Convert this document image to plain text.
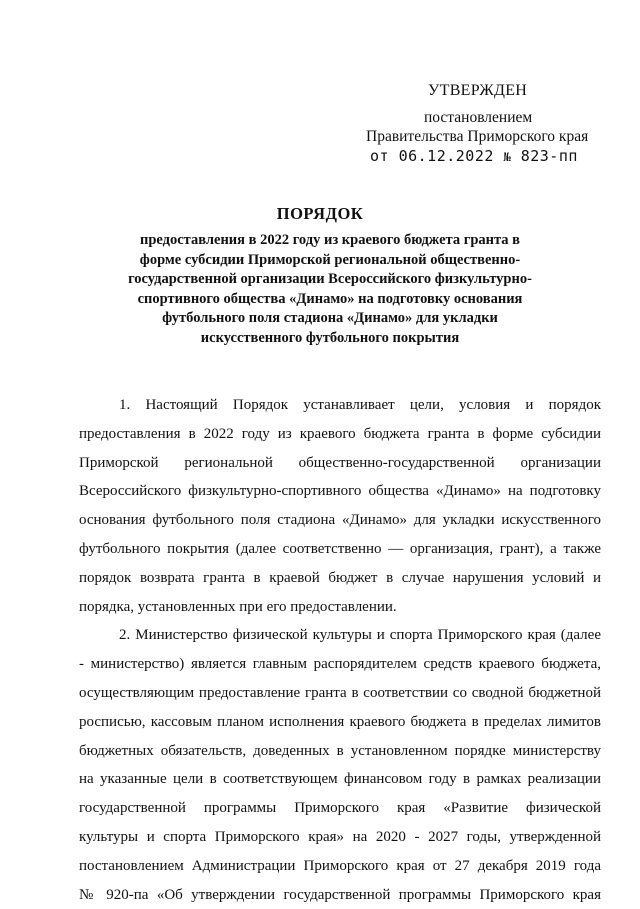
УТВЕРЖДЕН
постановлением
Правительства Приморского края
от 06.12.2022 № 823-пп
ПОРЯДОК
предоставления в 2022 году из краевого бюджета гранта в
форме субсидии Приморской региональной общественно-
государственной организации Всероссийского физкультурно-
спортивного общества «Динамо» на подготовку основания
футбольного поля стадиона «Динамо» для укладки
искусственного футбольного покрытия
1. Настоящий Порядок устанавливает цели, условия и порядок
предоставления в 2022 году из краевого бюджета гранта в форме субсидии
Приморской региональной общественно-государственной организации
Всероссийского физкультурно-спортивного общества «Динамо» на подготовку
основания футбольного поля стадиона «Динамо» для укладки искусственного
футбольного покрытия (далее соответственно — организация, грант), а также
порядок возврата гранта в краевой бюджет в случае нарушения условий и
порядка, установленных при его предоставлении.
2. Министерство физической культуры и спорта Приморского края (далее
- министерство) является главным распорядителем средств краевого бюджета,
осуществляющим предоставление гранта в соответствии со сводной бюджетной
росписью, кассовым планом исполнения краевого бюджета в пределах лимитов
бюджетных обязательств, доведенных в установленном порядке министерству
на указанные цели в соответствующем финансовом году в рамках реализации
государственной программы Приморского края «Развитие физической
культуры и спорта Приморского края» на 2020 - 2027 годы, утвержденной
постановлением Администрации Приморского края от 27 декабря 2019 года
№ 920-па «Об утверждении государственной программы Приморского края
